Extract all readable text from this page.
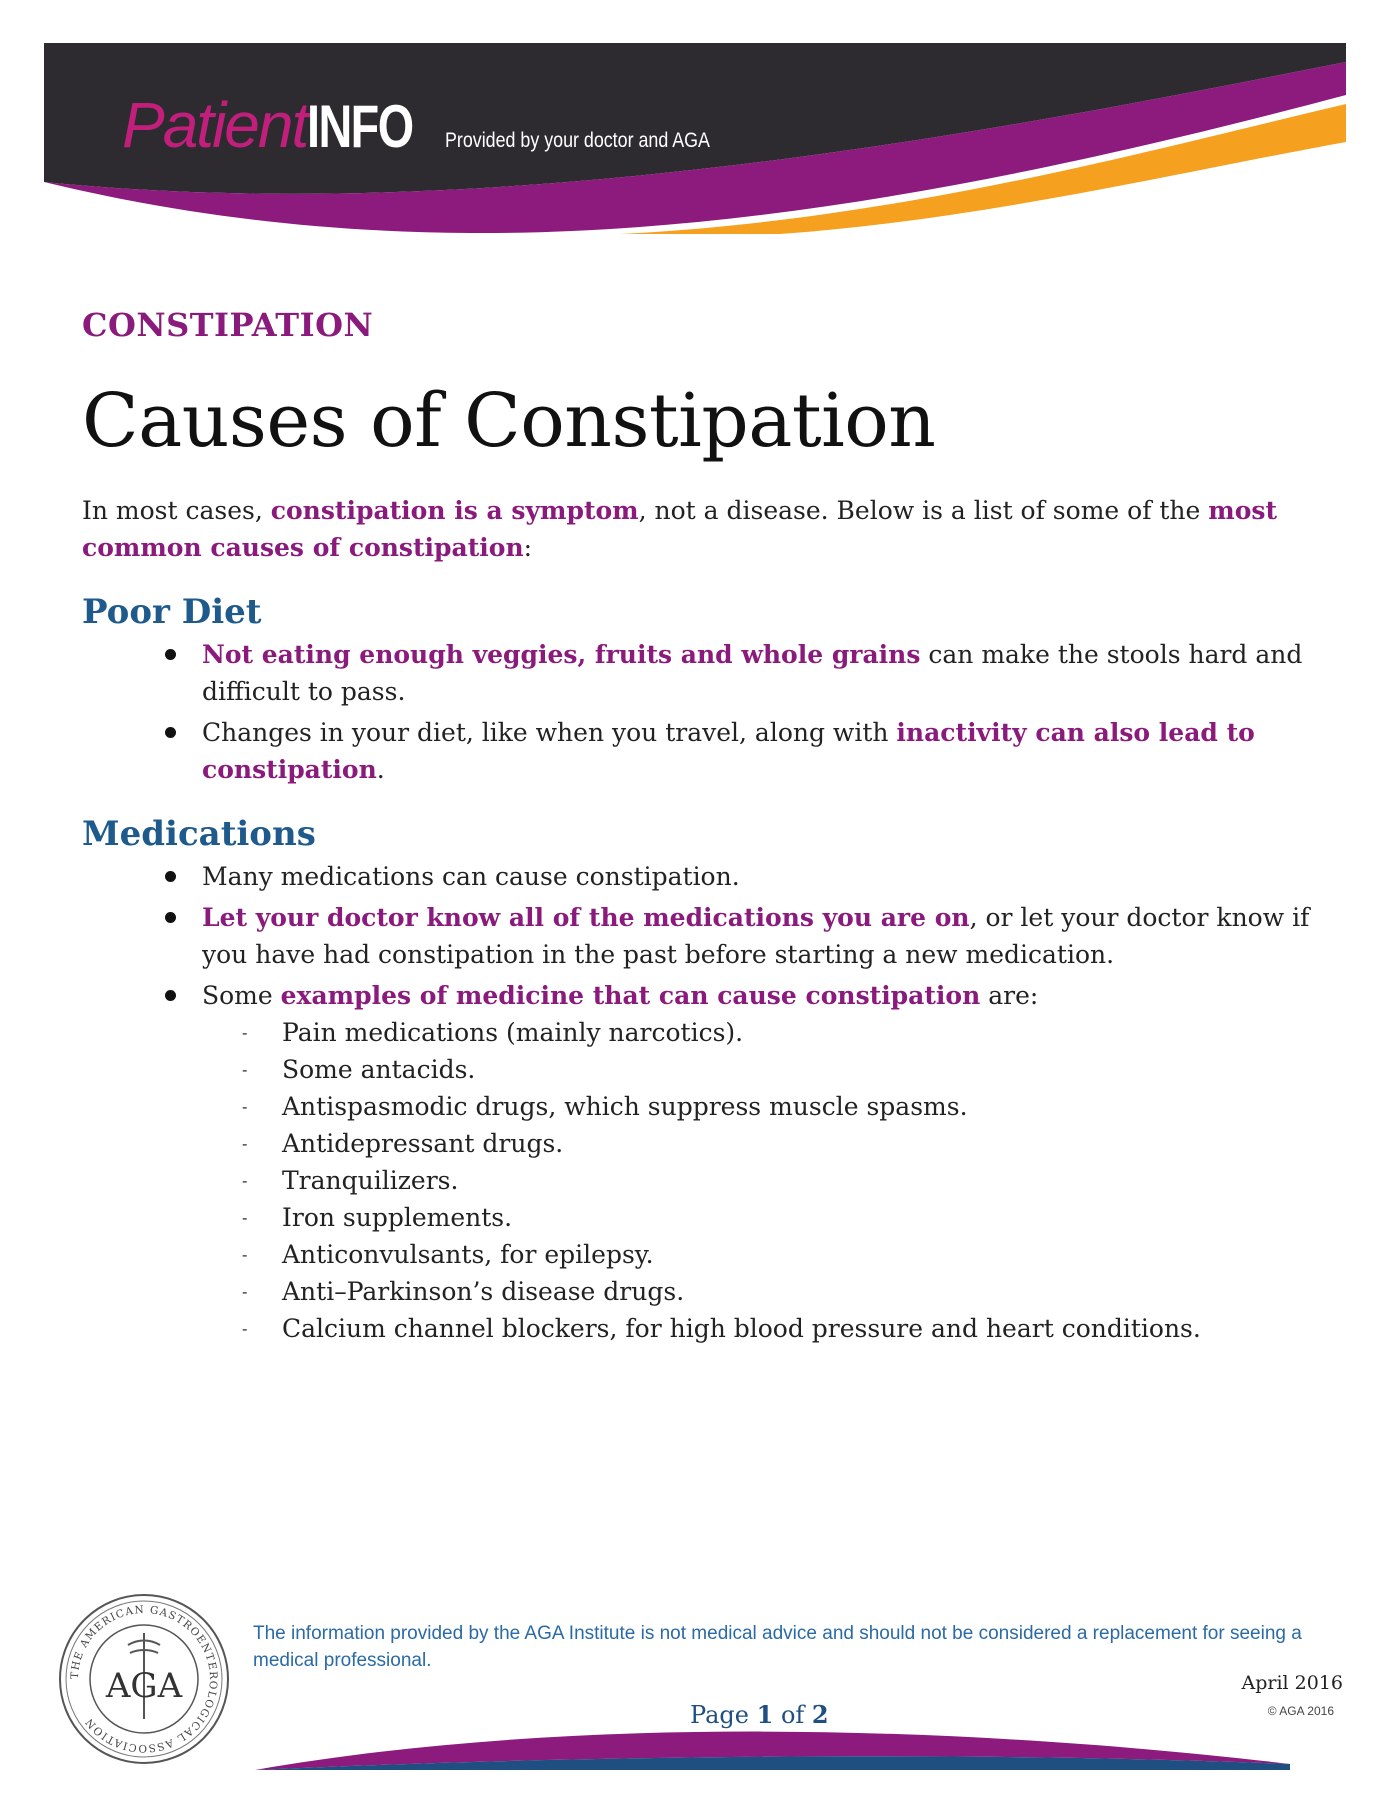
Patient INFO Provided by your doctor and AGA
CONSTIPATION
Causes of Constipation

In most cases, constipation is a symptom, not a disease. Below is a list of some of the most common causes of constipation:

Poor Diet
Not eating enough veggies, fruits and whole grains can make the stools hard and difficult to pass.
Changes in your diet, like when you travel, along with inactivity can also lead to constipation.
Medications
Many medications can cause constipation.
Let your doctor know all of the medications you are on, or let your doctor know if you have had constipation in the past before starting a new medication.
Some examples of medicine that can cause constipation are:
- Pain medications (mainly narcotics).
- Some antacids.
- Antispasmodic drugs, which suppress muscle spasms.
- Antidepressant drugs.
- Tranquilizers.
- Iron supplements.
- Anticonvulsants, for epilepsy.
- Anti–Parkinson’s disease drugs.
- Calcium channel blockers, for high blood pressure and heart conditions.
THE AMERICAN GASTROENTEROLOGICAL ASSOCIATION
AGA
The information provided by the AGA Institute is not medical advice and should not be considered a replacement for seeing a medical professional.
April 2016
© AGA 2016
Page 1 of 2
